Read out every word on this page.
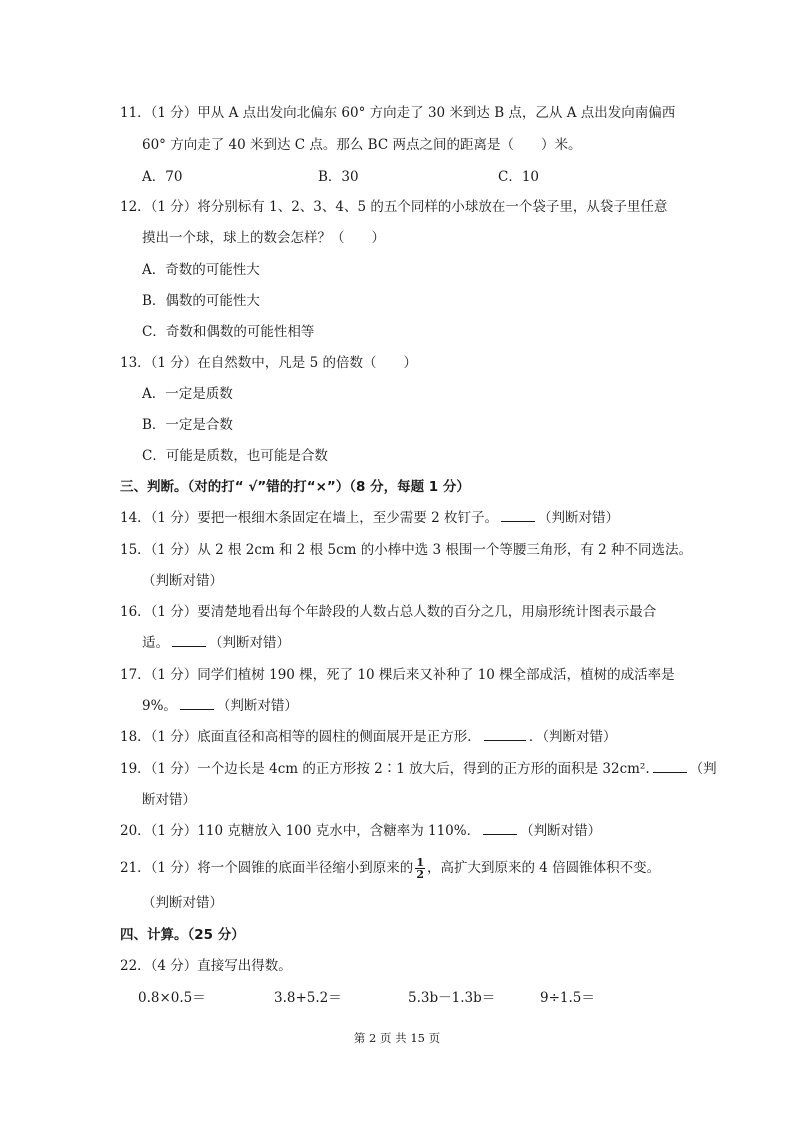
11．（1 分）甲从 A 点出发向北偏东 60° 方向走了 30 米到达 B 点，乙从 A 点出发向南偏西
60° 方向走了 40 米到达 C 点。那么 BC 两点之间的距离是（　　）米。
A．70	B．30	C．10
12．（1 分）将分别标有 1、2、3、4、5 的五个同样的小球放在一个袋子里，从袋子里任意
摸出一个球，球上的数会怎样？（　　）
A．奇数的可能性大
B．偶数的可能性大
C．奇数和偶数的可能性相等
13．（1 分）在自然数中，凡是 5 的倍数（　　）
A．一定是质数
B．一定是合数
C．可能是质数，也可能是合数
三、判断。（对的打“ √”错的打“×”）（8 分，每题 1 分）
14．（1 分）要把一根细木条固定在墙上，至少需要 2 枚钉子。	（判断对错）
15．（1 分）从 2 根 2cm 和 2 根 5cm 的小棒中选 3 根围一个等腰三角形，有 2 种不同选法。
（判断对错）
16．（1 分）要清楚地看出每个年龄段的人数占总人数的百分之几，用扇形统计图表示最合
适。	（判断对错）
17．（1 分）同学们植树 190 棵，死了 10 棵后来又补种了 10 棵全部成活，植树的成活率是
9%。	（判断对错）
18．（1 分）底面直径和高相等的圆柱的侧面展开是正方形．	．（判断对错）
19．（1 分）一个边长是 4cm 的正方形按 2∶1 放大后，得到的正方形的面积是 32cm².	（判
断对错）
20．（1 分）110 克糖放入 100 克水中，含糖率为 110%．	（判断对错）
21．（1 分）将一个圆锥的底面半径缩小到原来的 $\frac{1}{2}$ ，高扩大到原来的 4 倍圆锥体积不变。
（判断对错）
四、计算。（25 分）
22．（4 分）直接写出得数。
0.8×0.5＝	3.8+5.2＝	5.3b－1.3b＝	9÷1.5＝
第 2 页 共 15 页
